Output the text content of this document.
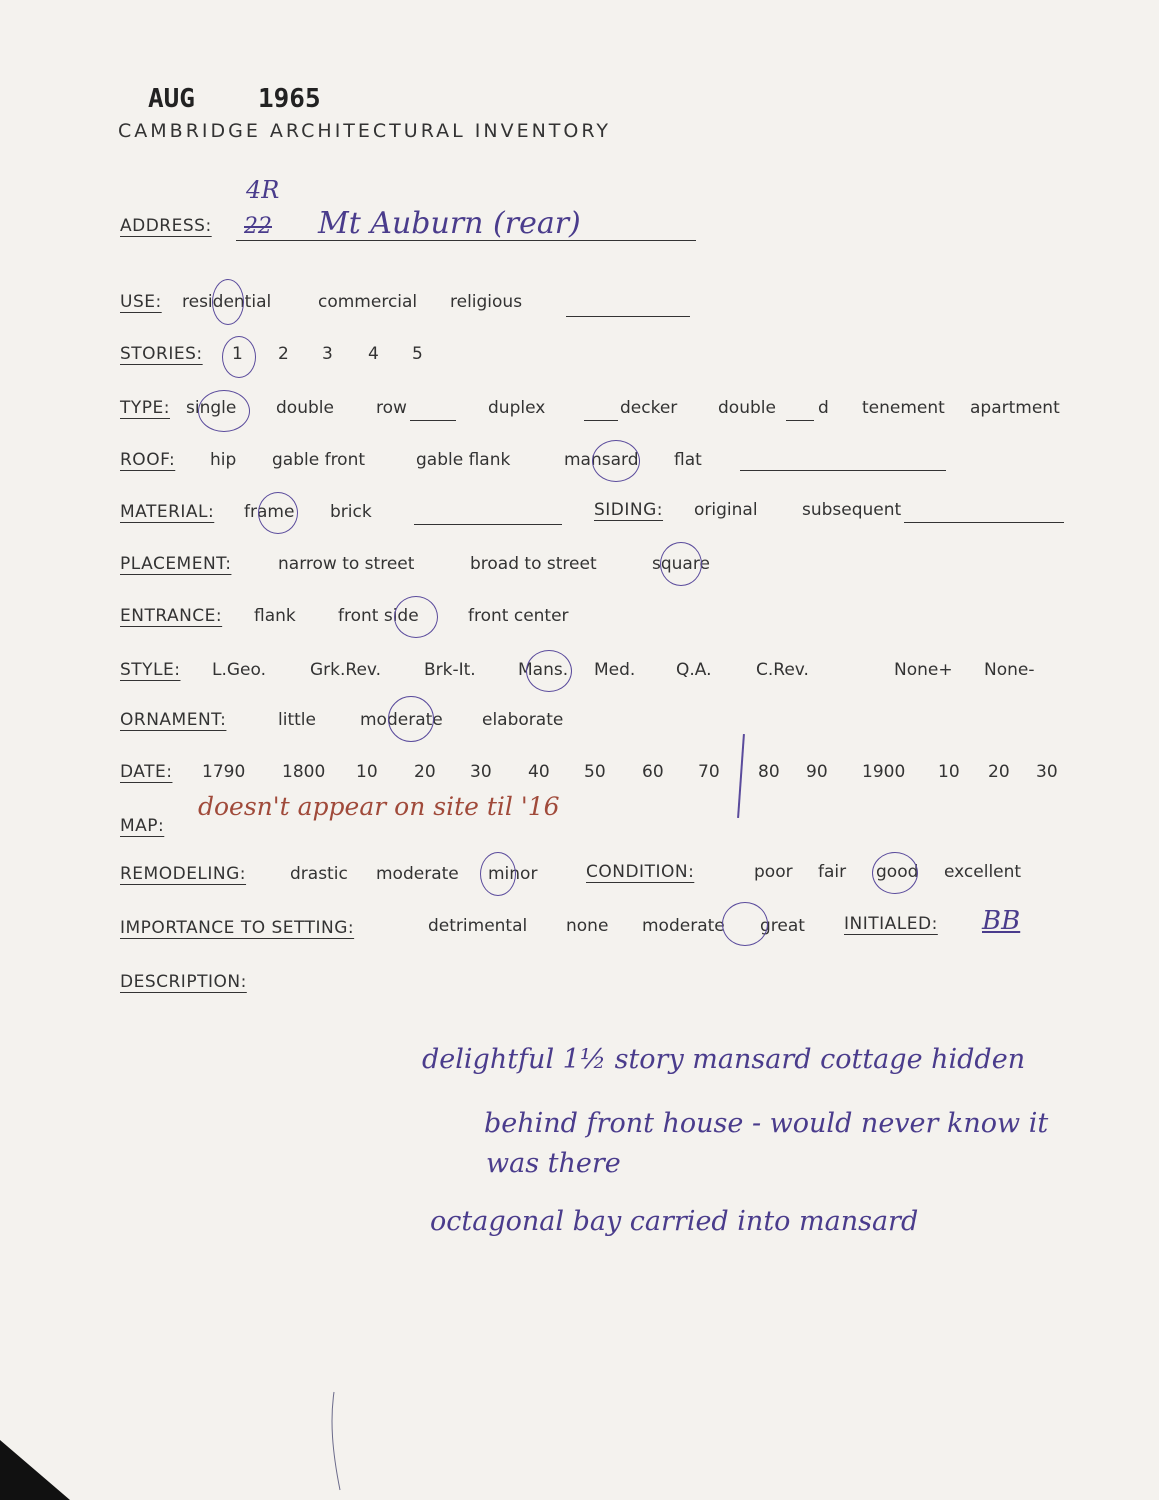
AUG 1965
CAMBRIDGE ARCHITECTURAL INVENTORY
ADDRESS:
4R
22 Mt Auburn (rear)
USE: residential	commercial religious
STORIES: 1 2 3 4 5
TYPE: single double row	duplex	decker double d tenement apartment
ROOF: hip gable front	gable flank	mansard flat
MATERIAL: frame brick	SIDING: original	subsequent
PLACEMENT:	narrow to street	broad to street	square
ENTRANCE: flank front side	front center
STYLE: L.Geo.	Grk.Rev.	Brk-It. Mans. Med. Q.A.	C.Rev.	None+ None-
ORNAMENT:	little	moderate elaborate
DATE: 1790 1800 10 20 30 40 50 60 70 80 90 1900 10 20 30
MAP:
doesn't appear on site til '16
REMODELING:	drastic moderate minor	CONDITION:	poor fair good excellent
IMPORTANCE TO SETTING:	detrimental none moderate great INITIALED: BB
DESCRIPTION:
delightful 1½ story mansard cottage hidden
behind front house - would never know it
was there
octagonal bay carried into mansard
